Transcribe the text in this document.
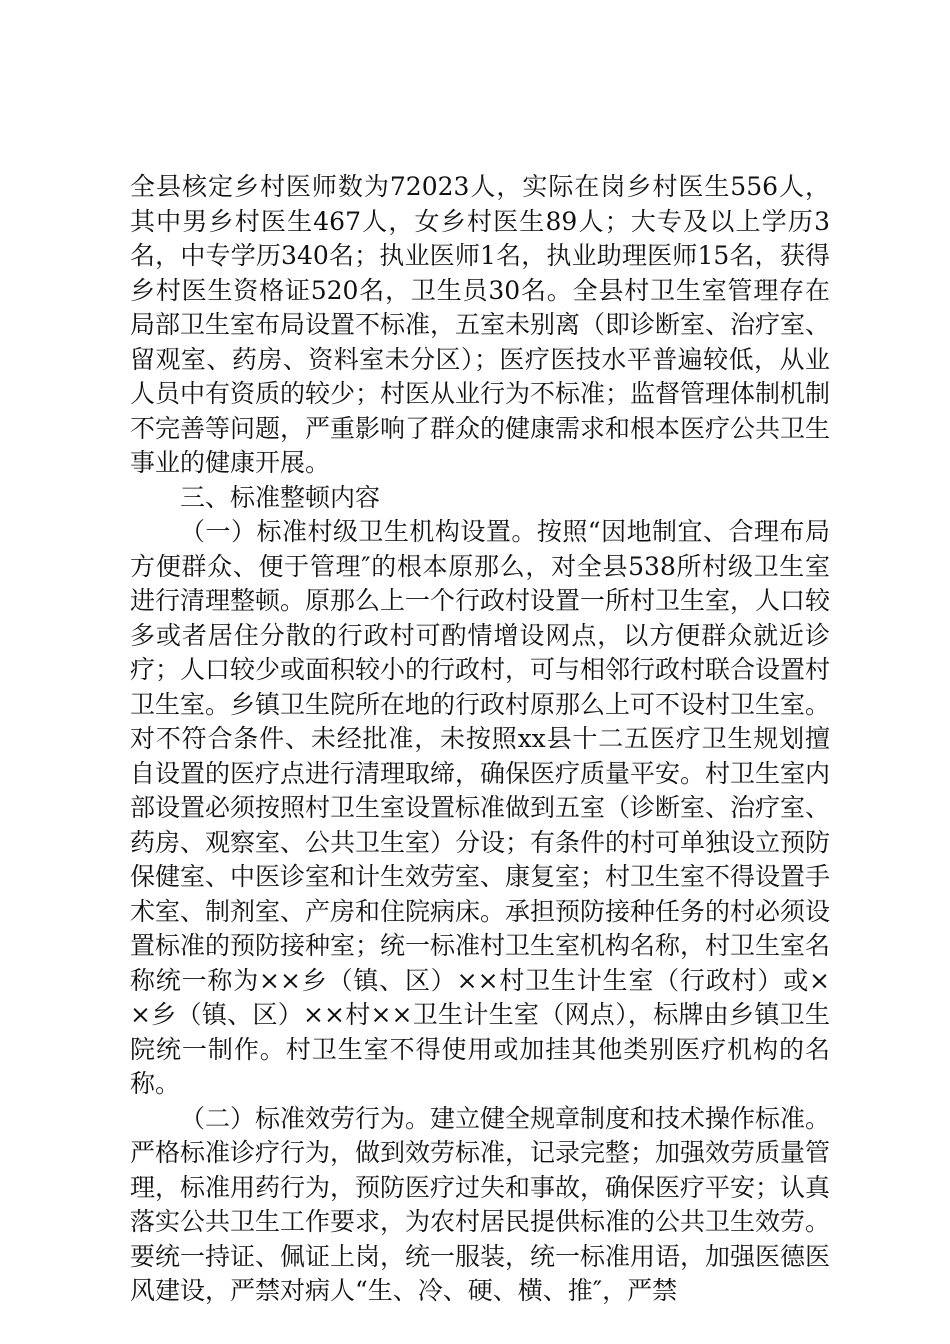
全县核定乡村医师数为72023人，实际在岗乡村医生556人，其中男乡村医生467人，女乡村医生89人；大专及以上学历3名，中专学历340名；执业医师1名，执业助理医师15名，获得乡村医生资格证520名，卫生员30名。全县村卫生室管理存在局部卫生室布局设置不标准，五室未别离（即诊断室、治疗室、留观室、药房、资料室未分区）；医疗医技水平普遍较低，从业人员中有资质的较少；村医从业行为不标准；监督管理体制机制不完善等问题，严重影响了群众的健康需求和根本医疗公共卫生事业的健康开展。

三、标准整顿内容

（一）标准村级卫生机构设置。按照“因地制宜、合理布局方便群众、便于管理″的根本原那么，对全县538所村级卫生室进行清理整顿。原那么上一个行政村设置一所村卫生室，人口较多或者居住分散的行政村可酌情增设网点，以方便群众就近诊疗；人口较少或面积较小的行政村，可与相邻行政村联合设置村卫生室。乡镇卫生院所在地的行政村原那么上可不设村卫生室。对不符合条件、未经批准，未按照xx县十二五医疗卫生规划擅自设置的医疗点进行清理取缔，确保医疗质量平安。村卫生室内部设置必须按照村卫生室设置标准做到五室（诊断室、治疗室、药房、观察室、公共卫生室）分设；有条件的村可单独设立预防保健室、中医诊室和计生效劳室、康复室；村卫生室不得设置手术室、制剂室、产房和住院病床。承担预防接种任务的村必须设置标准的预防接种室；统一标准村卫生室机构名称，村卫生室名称统一称为××乡（镇、区）××村卫生计生室（行政村）或××乡（镇、区）××村××卫生计生室（网点），标牌由乡镇卫生院统一制作。村卫生室不得使用或加挂其他类别医疗机构的名称。

（二）标准效劳行为。建立健全规章制度和技术操作标准。严格标准诊疗行为，做到效劳标准，记录完整；加强效劳质量管理，标准用药行为，预防医疗过失和事故，确保医疗平安；认真落实公共卫生工作要求，为农村居民提供标准的公共卫生效劳。要统一持证、佩证上岗，统一服装，统一标准用语，加强医德医风建设，严禁对病人“生、冷、硬、横、推″，严禁
